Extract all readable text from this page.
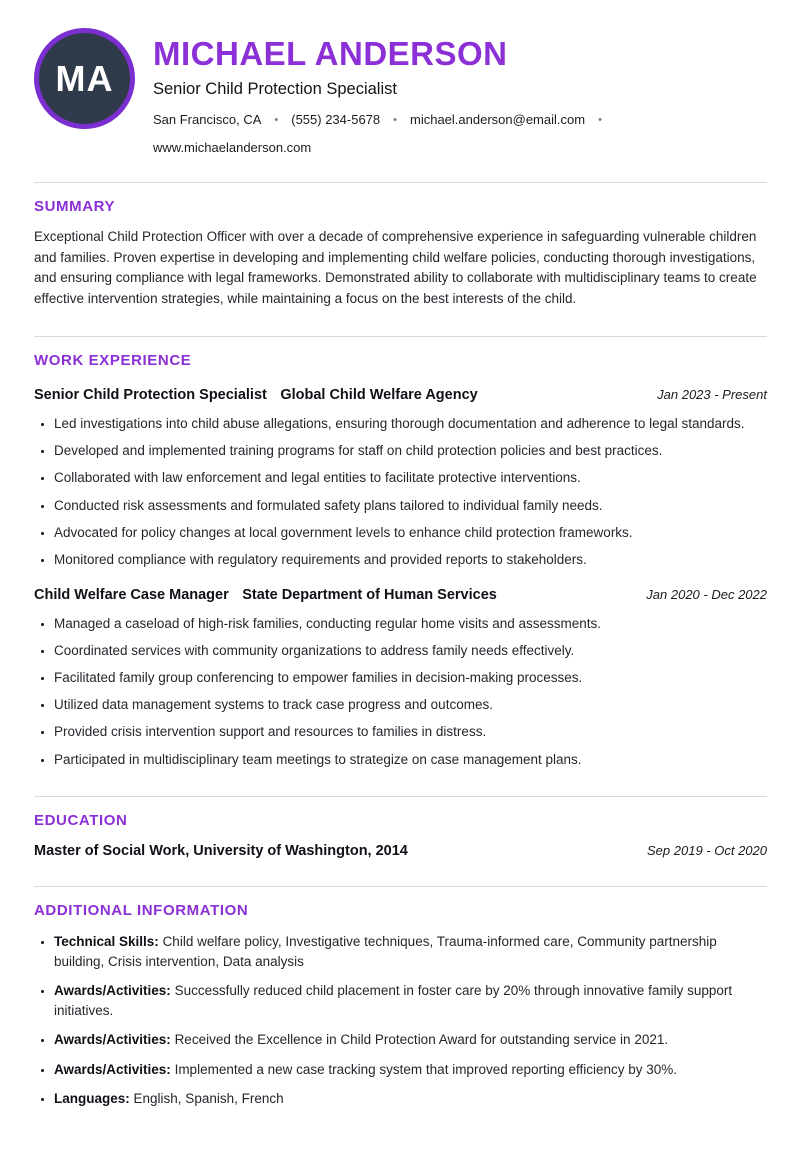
MA
MICHAEL ANDERSON
Senior Child Protection Specialist
San Francisco, CA • (555) 234-5678 • michael.anderson@email.com •
www.michaelanderson.com
SUMMARY

Exceptional Child Protection Officer with over a decade of comprehensive experience in safeguarding vulnerable children and families. Proven expertise in developing and implementing child welfare policies, conducting thorough investigations, and ensuring compliance with legal frameworks. Demonstrated ability to collaborate with multidisciplinary teams to create effective intervention strategies, while maintaining a focus on the best interests of the child.

WORK EXPERIENCE
Senior Child Protection Specialist Global Child Welfare Agency	Jan 2023 - Present
• Led investigations into child abuse allegations, ensuring thorough documentation and adherence to legal standards.
• Developed and implemented training programs for staff on child protection policies and best practices.
• Collaborated with law enforcement and legal entities to facilitate protective interventions.
• Conducted risk assessments and formulated safety plans tailored to individual family needs.
• Advocated for policy changes at local government levels to enhance child protection frameworks.
• Monitored compliance with regulatory requirements and provided reports to stakeholders.
Child Welfare Case Manager State Department of Human Services	Jan 2020 - Dec 2022
• Managed a caseload of high-risk families, conducting regular home visits and assessments.
• Coordinated services with community organizations to address family needs effectively.
• Facilitated family group conferencing to empower families in decision-making processes.
• Utilized data management systems to track case progress and outcomes.
• Provided crisis intervention support and resources to families in distress.
• Participated in multidisciplinary team meetings to strategize on case management plans.
EDUCATION
Master of Social Work, University of Washington, 2014	Sep 2019 - Oct 2020
ADDITIONAL INFORMATION
• Technical Skills: Child welfare policy, Investigative techniques, Trauma-informed care, Community partnership building, Crisis intervention, Data analysis
• Awards/Activities: Successfully reduced child placement in foster care by 20% through innovative family support initiatives.
• Awards/Activities: Received the Excellence in Child Protection Award for outstanding service in 2021.
• Awards/Activities: Implemented a new case tracking system that improved reporting efficiency by 30%.
• Languages: English, Spanish, French
